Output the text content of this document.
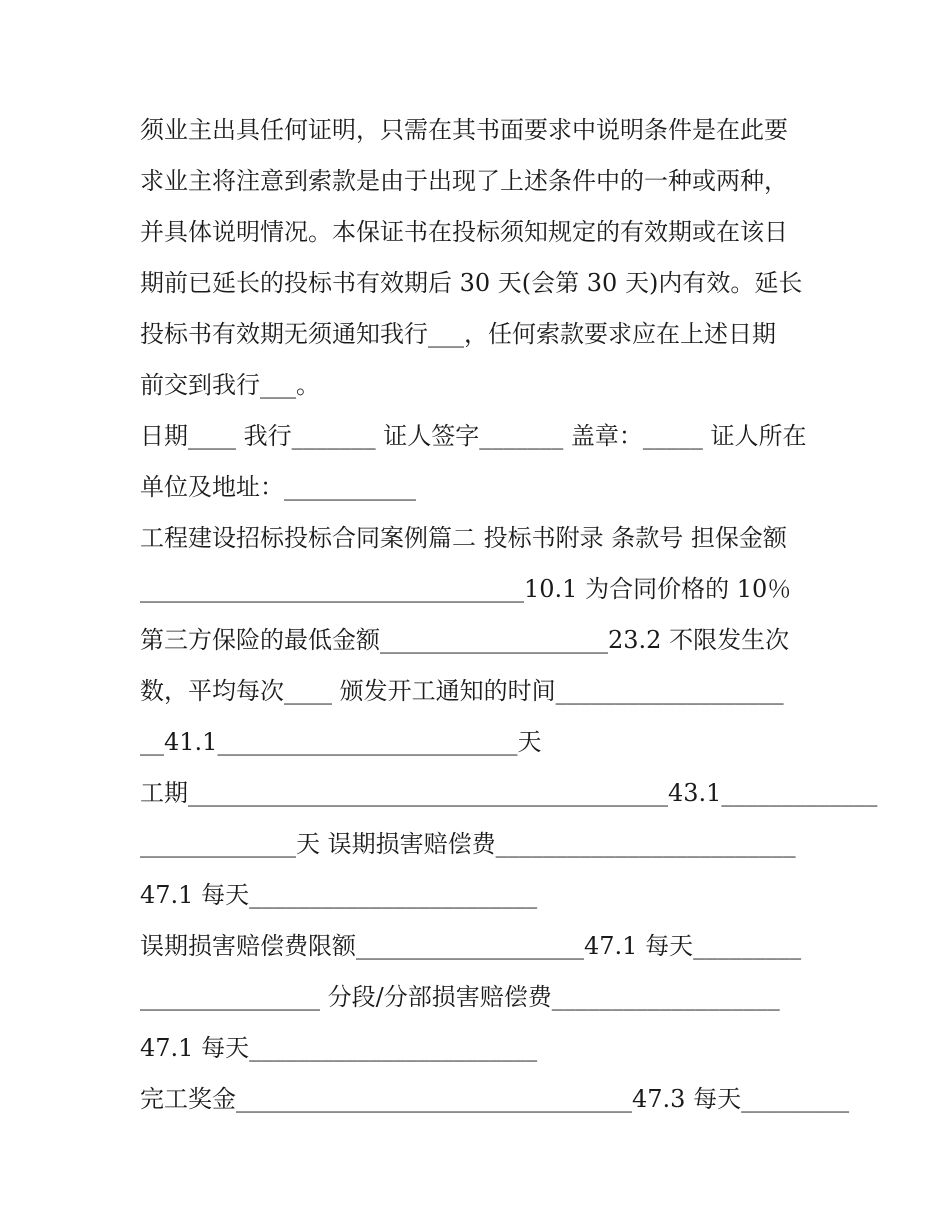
须业主出具任何证明，只需在其书面要求中说明条件是在此要
求业主将注意到索款是由于出现了上述条件中的一种或两种，
并具体说明情况。本保证书在投标须知规定的有效期或在该日
期前已延长的投标书有效期后 30 天(会第 30 天)内有效。延长
投标书有效期无须通知我行___，任何索款要求应在上述日期
前交到我行___。
日期____ 我行_______ 证人签字_______ 盖章：_____ 证人所在
单位及地址：___________
工程建设招标投标合同案例篇二 投标书附录 条款号 担保金额
________________________________10.1 为合同价格的 10％
第三方保险的最低金额___________________23.2 不限发生次
数，平均每次____ 颁发开工通知的时间___________________
__41.1_________________________天
工期________________________________________43.1_____________
_____________天 误期损害赔偿费_________________________
47.1 每天________________________
误期损害赔偿费限额___________________47.1 每天_________
_______________ 分段/分部损害赔偿费___________________
47.1 每天________________________
完工奖金_________________________________47.3 每天_________
